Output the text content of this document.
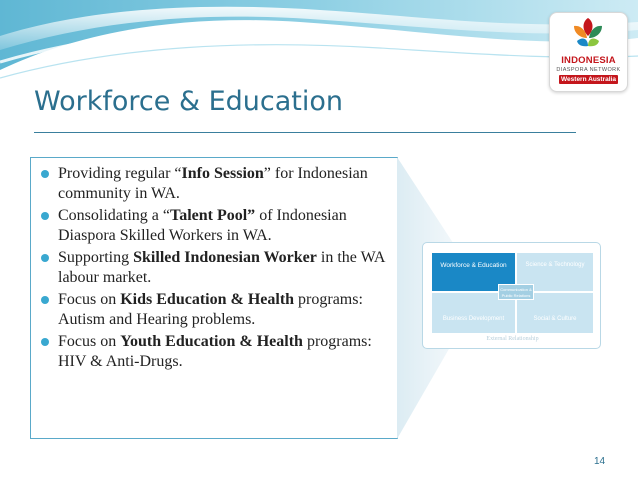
INDONESIA
DIASPORA NETWORK
Western Australia
Workforce & Education
Providing regular “Info Session” for Indonesian community in WA.
Consolidating a “Talent Pool” of Indonesian Diaspora Skilled Workers in WA.
Supporting Skilled Indonesian Worker in the WA labour market.
Focus on Kids Education & Health programs: Autism and Hearing problems.
Focus on Youth Education & Health programs: HIV & Anti-Drugs.
Workforce & Education	Science & Technology
Business Development	Social & Culture
Communication & Public Relations
External Relationship
14
